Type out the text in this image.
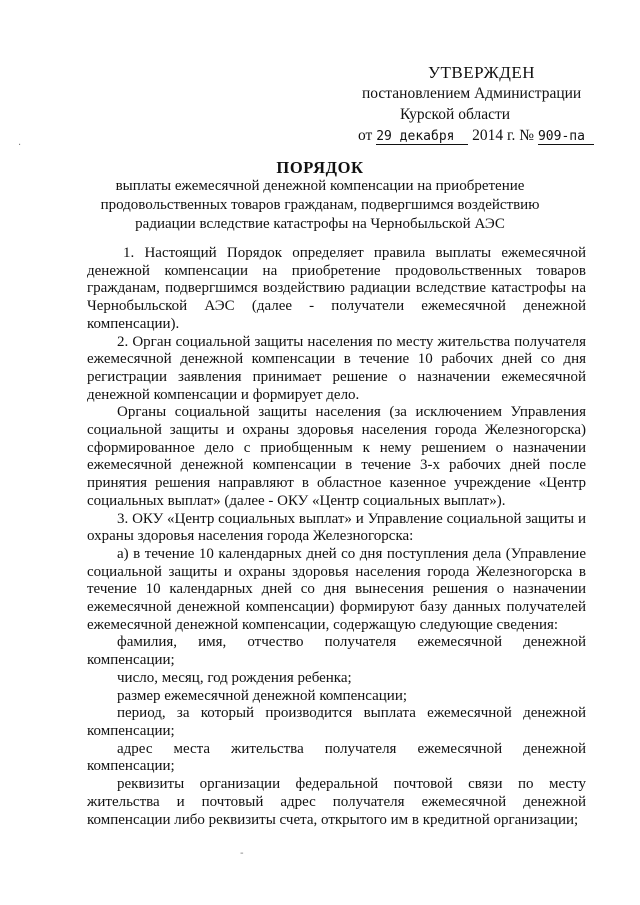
УТВЕРЖДЕН
постановлением Администрации
Курской области
от 29 декабря 2014 г. № 909-па
ПОРЯДОК
выплаты ежемесячной денежной компенсации на приобретение продовольственных товаров гражданам, подвергшимся воздействию радиации вследствие катастрофы на Чернобыльской АЭС

1. Настоящий Порядок определяет правила выплаты ежемесячной денежной компенсации на приобретение продовольственных товаров гражданам, подвергшимся воздействию радиации вследствие катастрофы на Чернобыльской АЭС (далее - получатели ежемесячной денежной компенсации).

2. Орган социальной защиты населения по месту жительства получателя ежемесячной денежной компенсации в течение 10 рабочих дней со дня регистрации заявления принимает решение о назначении ежемесячной денежной компенсации и формирует дело.

Органы социальной защиты населения (за исключением Управления социальной защиты и охраны здоровья населения города Железногорска) сформированное дело с приобщенным к нему решением о назначении ежемесячной денежной компенсации в течение 3-х рабочих дней после принятия решения направляют в областное казенное учреждение «Центр социальных выплат» (далее - ОКУ «Центр социальных выплат»).

3. ОКУ «Центр социальных выплат» и Управление социальной защиты и охраны здоровья населения города Железногорска:

а) в течение 10 календарных дней со дня поступления дела (Управление социальной защиты и охраны здоровья населения города Железногорска в течение 10 календарных дней со дня вынесения решения о назначении ежемесячной денежной компенсации) формируют базу данных получателей ежемесячной денежной компенсации, содержащую следующие сведения:

фамилия, имя, отчество получателя ежемесячной денежной компенсации;

число, месяц, год рождения ребенка;

размер ежемесячной денежной компенсации;

период, за который производится выплата ежемесячной денежной компенсации;

адрес места жительства получателя ежемесячной денежной компенсации;

реквизиты организации федеральной почтовой связи по месту жительства и почтовый адрес получателя ежемесячной денежной компенсации либо реквизиты счета, открытого им в кредитной организации;

·
-
